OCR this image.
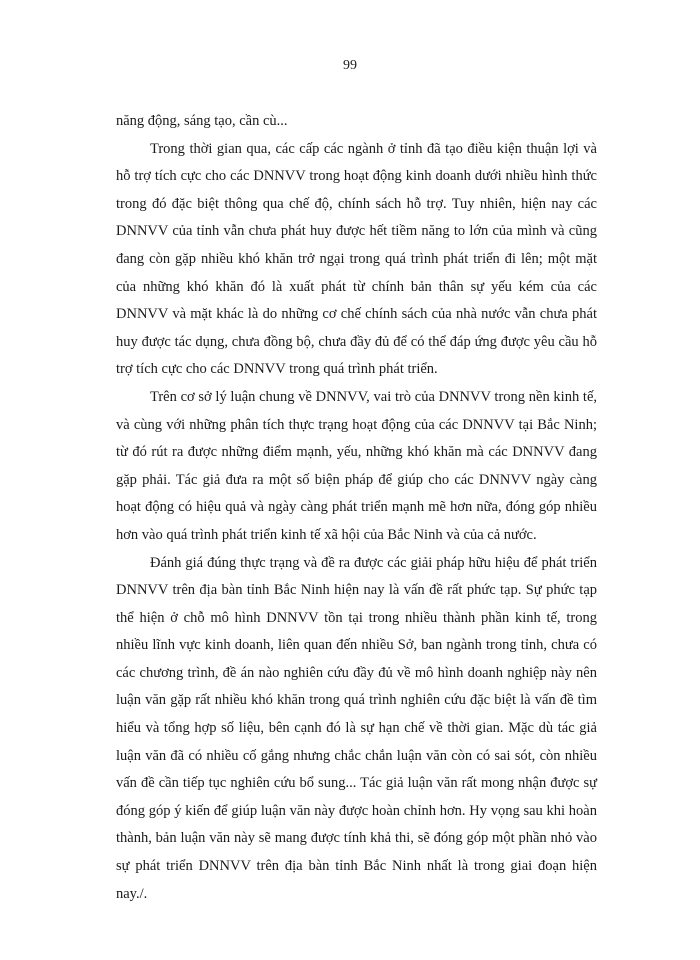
99

năng động, sáng tạo, cần cù...

Trong thời gian qua, các cấp các ngành ở tỉnh đã tạo điều kiện thuận lợi và hỗ trợ tích cực cho các DNNVV trong hoạt động kinh doanh dưới nhiều hình thức trong đó đặc biệt thông qua chế độ, chính sách hỗ trợ. Tuy nhiên, hiện nay các DNNVV của tỉnh vẫn chưa phát huy được hết tiềm năng to lớn của mình và cũng đang còn gặp nhiều khó khăn trở ngại trong quá trình phát triển đi lên; một mặt của những khó khăn đó là xuất phát từ chính bản thân sự yếu kém của các DNNVV và mặt khác là do những cơ chế chính sách của nhà nước vẫn chưa phát huy được tác dụng, chưa đồng bộ, chưa đầy đủ để có thể đáp ứng được yêu cầu hỗ trợ tích cực cho các DNNVV trong quá trình phát triển.

Trên cơ sở lý luận chung về DNNVV, vai trò của DNNVV trong nền kinh tế, và cùng với những phân tích thực trạng hoạt động của các DNNVV tại Bắc Ninh; từ đó rút ra được những điểm mạnh, yếu, những khó khăn mà các DNNVV đang gặp phải. Tác giả đưa ra một số biện pháp để giúp cho các DNNVV ngày càng hoạt động có hiệu quả và ngày càng phát triển mạnh mẽ hơn nữa, đóng góp nhiều hơn vào quá trình phát triển kinh tế xã hội của Bắc Ninh và của cả nước.

Đánh giá đúng thực trạng và đề ra được các giải pháp hữu hiệu để phát triển DNNVV trên địa bàn tỉnh Bắc Ninh hiện nay là vấn đề rất phức tạp. Sự phức tạp thể hiện ở chỗ mô hình DNNVV tồn tại trong nhiều thành phần kinh tế, trong nhiều lĩnh vực kinh doanh, liên quan đến nhiều Sở, ban ngành trong tỉnh, chưa có các chương trình, đề án nào nghiên cứu đầy đủ về mô hình doanh nghiệp này nên luận văn gặp rất nhiều khó khăn trong quá trình nghiên cứu đặc biệt là vấn đề tìm hiểu và tổng hợp số liệu, bên cạnh đó là sự hạn chế về thời gian. Mặc dù tác giả luận văn đã có nhiều cố gắng nhưng chắc chắn luận văn còn có sai sót, còn nhiều vấn đề cần tiếp tục nghiên cứu bổ sung... Tác giả luận văn rất mong nhận được sự đóng góp ý kiến để giúp luận văn này được hoàn chỉnh hơn. Hy vọng sau khi hoàn thành, bản luận văn này sẽ mang được tính khả thi, sẽ đóng góp một phần nhỏ vào sự phát triển DNNVV trên địa bàn tỉnh Bắc Ninh nhất là trong giai đoạn hiện nay./.
